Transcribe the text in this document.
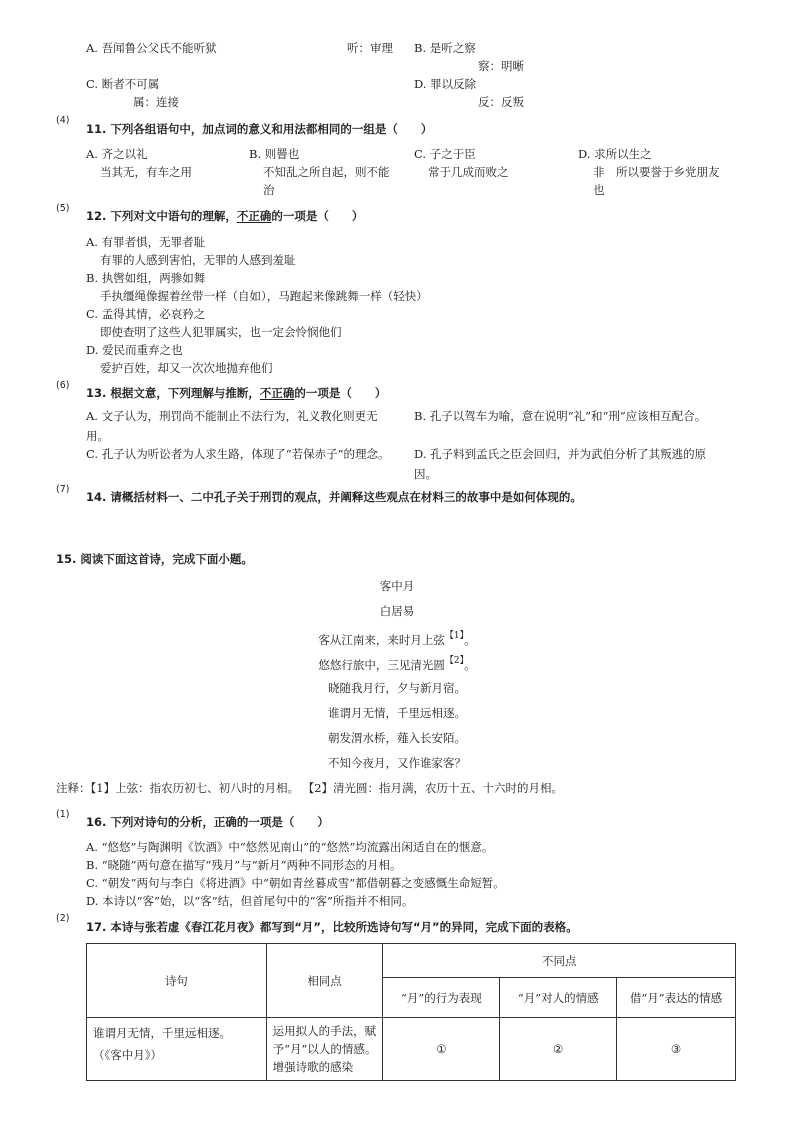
A. 吾闻鲁公父氏不能听狱	听：审理 B. 是听之察
察：明晰
C. 断者不可属
属：连接
D. 罪以反除
反：反叛
(4)
11. 下列各组语句中，加点词的意义和用法都相同的一组是（　　）
A. 齐之以礼
当其无，有车之用
B. 则罾也
不知乱之所自起，则不能
治
C. 子之于臣
常于几成而败之
D. 求所以生之
非　所以要誉于乡党朋友
也
(5)
12. 下列对文中语句的理解，不正确的一项是（　　）
A. 有罪者惧，无罪者耻
有罪的人感到害怕，无罪的人感到羞耻
B. 执辔如组，两骖如舞
手执缰绳像握着丝带一样（自如），马跑起来像跳舞一样（轻快）
C. 孟得其情，必哀矜之
即使查明了这些人犯罪属实，也一定会怜悯他们
D. 爱民而重弃之也
爱护百姓，却又一次次地抛弃他们
(6)
13. 根据文意，下列理解与推断，不正确的一项是（　　）
A. 文子认为，刑罚尚不能制止不法行为，礼义教化则更无用。
B. 孔子以驾车为喻，意在说明“礼”和“刑”应该相互配合。
C. 孔子认为听讼者为人求生路，体现了“若保赤子”的理念。	D. 孔子料到孟氏之臣会回归，并为武伯分析了其叛逃的原因。
(7)
14. 请概括材料一、二中孔子关于刑罚的观点，并阐释这些观点在材料三的故事中是如何体现的。
15. 阅读下面这首诗，完成下面小题。
客中月
白居易
客从江南来，来时月上弦$^{【1】}$。
悠悠行旅中，三见清光圆$^{【2】}$。
晓随我月行，夕与新月宿。
谁谓月无情，千里远相逐。
朝发渭水桥，薤入长安陌。
不知今夜月，又作谁家客？
注释：【1】上弦：指农历初七、初八时的月相。 【2】清光圆：指月满，农历十五、十六时的月相。
(1)
16. 下列对诗句的分析，正确的一项是（　　）
A. “悠悠”与陶渊明《饮酒》中“悠然见南山”的“悠然”均流露出闲适自在的惬意。
B. “晓随”两句意在描写“残月”与“新月”两种不同形态的月相。
C. “朝发”两句与李白《将进酒》中“朝如青丝暮成雪”都借朝暮之变感慨生命短暂。
D. 本诗以“客”始，以“客”结，但首尾句中的“客”所指并不相同。
(2)
17. 本诗与张若虚《春江花月夜》都写到“月”，比较所选诗句写“月”的异同，完成下面的表格。
诗句	相同点	不同点		
		“月”的行为表现	“月”对人的情感	借“月”表达的情感

谁谓月无情，千里远相逐。
（《客中月》）	运用拟人的手法，赋予“月”以人的情感。增强诗歌的感染	①	②	③
